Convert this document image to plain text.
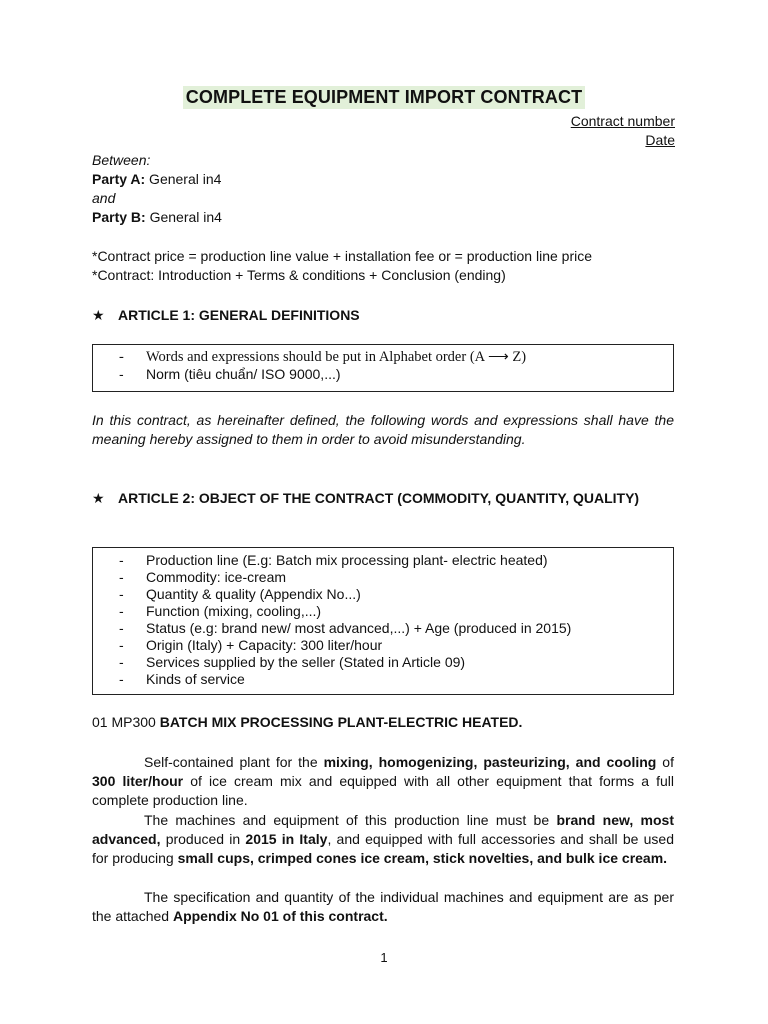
COMPLETE EQUIPMENT IMPORT CONTRACT
Contract number
Date
Between:
Party A: General in4
and
Party B: General in4
*Contract price = production line value + installation fee or = production line price
*Contract: Introduction + Terms & conditions + Conclusion (ending)
★ ARTICLE 1: GENERAL DEFINITIONS
- Words and expressions should be put in Alphabet order (A ⟶ Z)
- Norm (tiêu chuẩn/ ISO 9000,...)
In this contract, as hereinafter defined, the following words and expressions shall have the meaning hereby assigned to them in order to avoid misunderstanding.
★ ARTICLE 2: OBJECT OF THE CONTRACT (COMMODITY, QUANTITY, QUALITY)
- Production line (E.g: Batch mix processing plant- electric heated)
- Commodity: ice-cream
- Quantity & quality (Appendix No...)
- Function (mixing, cooling,...)
- Status (e.g: brand new/ most advanced,...) + Age (produced in 2015)
- Origin (Italy) + Capacity: 300 liter/hour
- Services supplied by the seller (Stated in Article 09)
- Kinds of service
01 MP300 BATCH MIX PROCESSING PLANT-ELECTRIC HEATED.
Self-contained plant for the mixing, homogenizing, pasteurizing, and cooling of 300 liter/hour of ice cream mix and equipped with all other equipment that forms a full complete production line.
The machines and equipment of this production line must be brand new, most advanced, produced in 2015 in Italy, and equipped with full accessories and shall be used for producing small cups, crimped cones ice cream, stick novelties, and bulk ice cream.
The specification and quantity of the individual machines and equipment are as per the attached Appendix No 01 of this contract.
1
